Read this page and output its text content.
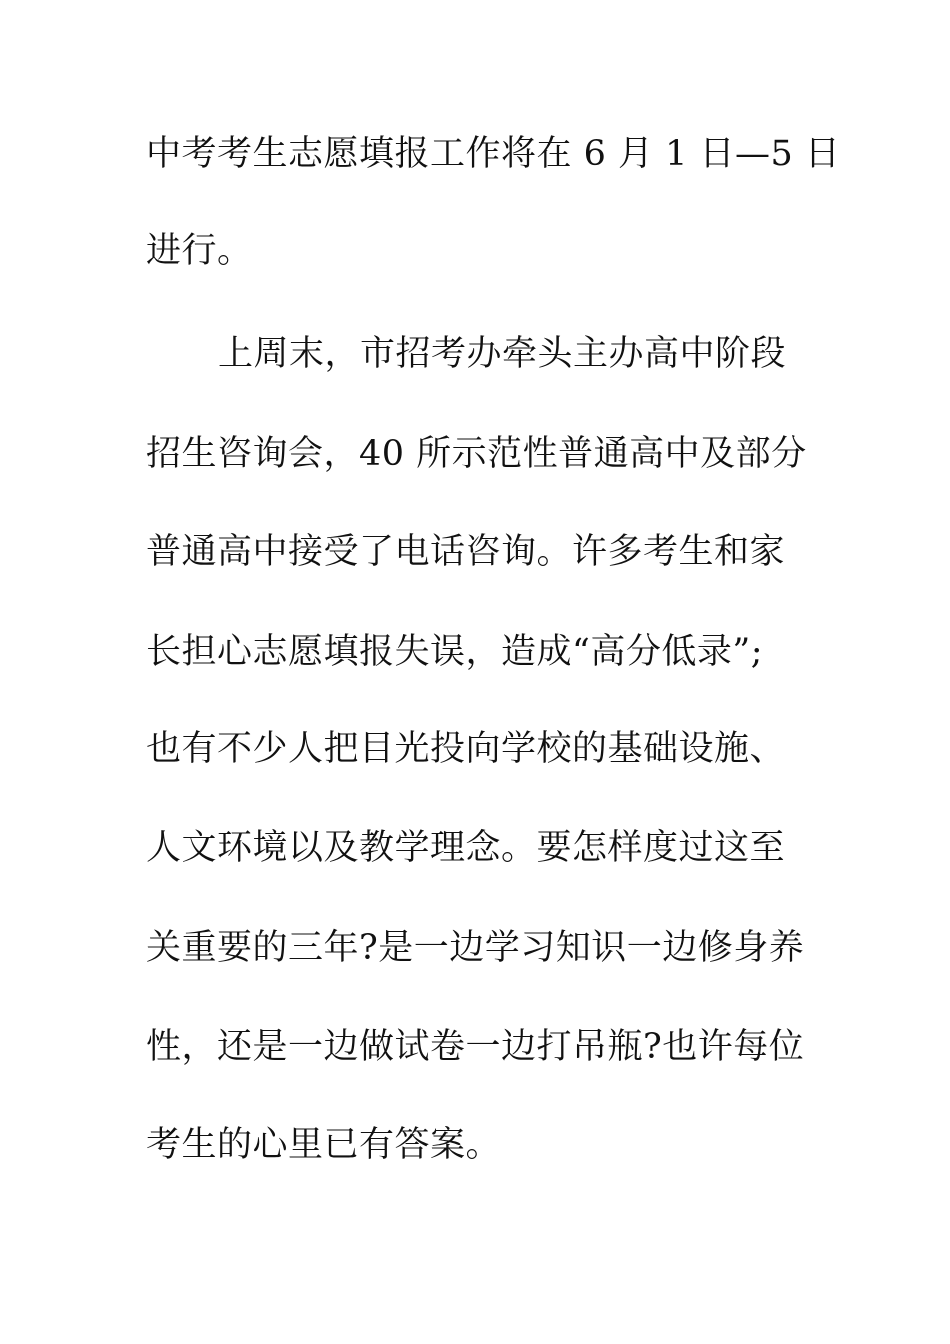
中考考生志愿填报工作将在 6 月 1 日—5 日
进行。
上周末，市招考办牵头主办高中阶段
招生咨询会，40 所示范性普通高中及部分
普通高中接受了电话咨询。许多考生和家
长担心志愿填报失误，造成“高分低录”;
也有不少人把目光投向学校的基础设施、
人文环境以及教学理念。要怎样度过这至
关重要的三年?是一边学习知识一边修身养
性，还是一边做试卷一边打吊瓶?也许每位
考生的心里已有答案。
